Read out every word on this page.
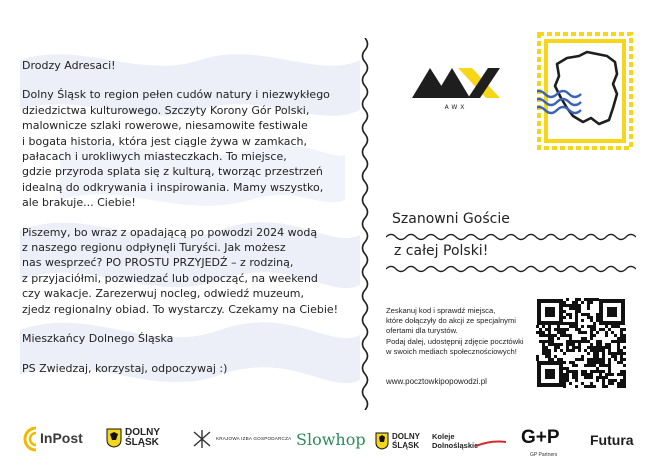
Drodzy Adresaci!

Dolny Śląsk to region pełen cudów natury i niezwykłego
dziedzictwa kulturowego. Szczyty Korony Gór Polski,
malownicze szlaki rowerowe, niesamowite festiwale
i bogata historia, która jest ciągle żywa w zamkach,
pałacach i urokliwych miasteczkach. To miejsce,
gdzie przyroda splata się z kulturą, tworząc przestrzeń
idealną do odkrywania i inspirowania. Mamy wszystko,
ale brakuje... Ciebie!

Piszemy, bo wraz z opadającą po powodzi 2024 wodą
z naszego regionu odpłynęli Turyści. Jak możesz
nas wesprzeć? PO PROSTU PRZYJEDŹ – z rodziną,
z przyjaciółmi, pozwiedzać lub odpocząć, na weekend
czy wakacje. Zarezerwuj nocleg, odwiedź muzeum,
zjedz regionalny obiad. To wystarczy. Czekamy na Ciebie!

Mieszkańcy Dolnego Śląska

PS Zwiedzaj, korzystaj, odpoczywaj :)

AWX
Szanowni Goście
z całej Polski!

Zeskanuj kod i sprawdź miejsca,
które dołączyły do akcji ze specjalnymi
ofertami dla turystów.
Podaj dalej, udostępnij zdjęcie pocztówki
w swoich mediach społecznościowych!

www.pocztowkipopowodzi.pl
InPost	DOLNY
ŚLĄSK	KRAJOWA IZBA GOSPODARCZA Slowhop	DOLNY
ŚLĄSK
Koleje
Dolnośląskie G+P
GP Partners
Futura
